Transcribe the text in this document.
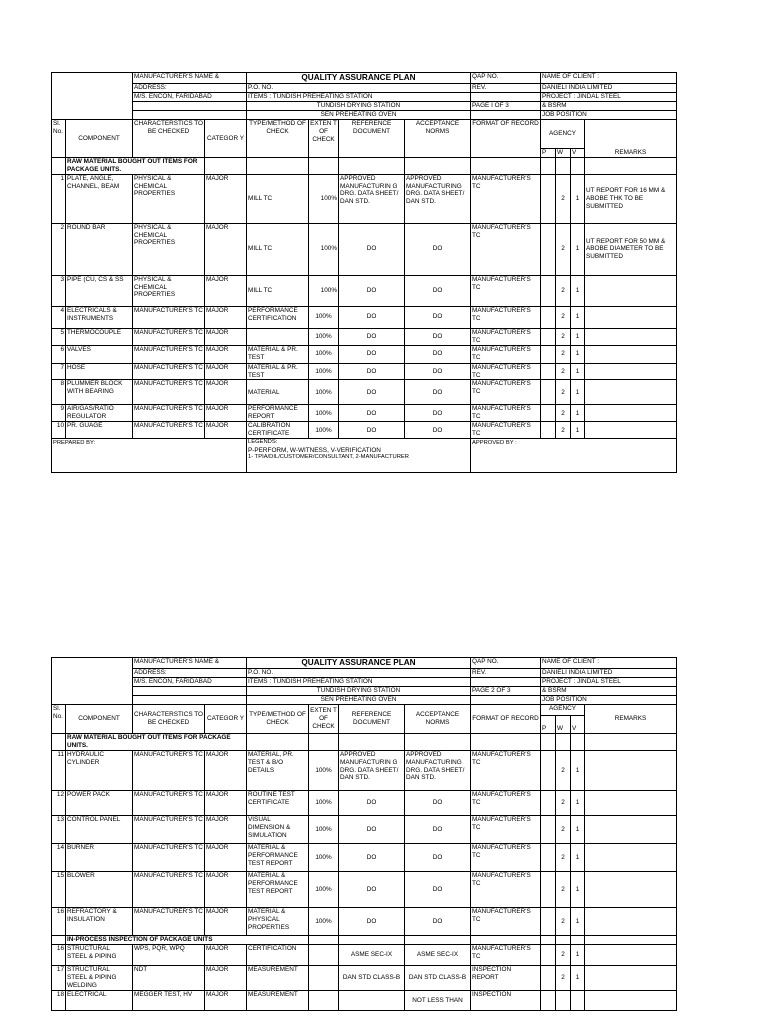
		MANUFACTURER'S NAME &		QUALITY ASSURANCE PLAN				QAP NO.	NAME OF CLIENT :			
		ADDRESS:		P.O. NO.				REV.	DANIELI INDIA LIMITED			
		M/S. ENCON, FARIDABAD		ITEMS : TUNDISH PREHEATING STATION					PROJECT : JINDAL STEEL			
				TUNDISH DRYING STATION				PAGE I OF 3	& BSRM			
				SEN PREHEATING OVEN					JOB POSITION			
Sl. No.	COMPONENT	CHARACTERSTICS TO BE CHECKED	CATEGOR Y	TYPE/METHOD OF CHECK	EXTEN T OF CHECK	REFERENCE DOCUMENT	ACCEPTANCE NORMS	FORMAT OF RECORD	AGENCY			REMARKS
									P	W	V	
	RAW MATERIAL BOUGHT OUT ITEMS FOR PACKAGE UNITS.											
1	PLATE, ANGLE, CHANNEL, BEAM	PHYSICAL & CHEMICAL PROPERTIES	MAJOR	MILL TC	100%	APPROVED MANUFACTURIN G DRG. DATA SHEET/ DAN STD.	APPROVED MANUFACTURING DRG. DATA SHEET/ DAN STD.	MANUFACTURER'S TC		2	1	UT REPORT FOR 16 MM & ABOBE THK TO BE SUBMITTED
2	ROUND BAR	PHYSICAL & CHEMICAL PROPERTIES	MAJOR	MILL TC	100%	DO	DO	MANUFACTURER'S TC		2	1	UT REPORT FOR 50 MM & ABOBE DIAMETER TO BE SUBMITTED
3	PIPE (CU, CS & SS	PHYSICAL & CHEMICAL PROPERTIES	MAJOR	MILL TC	100%	DO	DO	MANUFACTURER'S TC		2	1	
4	ELECTRICALS & INSTRUMENTS	MANUFACTURER'S TC	MAJOR	PERFORMANCE CERTIFICATION	100%	DO	DO	MANUFACTURER'S TC		2	1	
5	THERMOCOUPLE	MANUFACTURER'S TC	MAJOR		100%	DO	DO	MANUFACTURER'S TC		2	1	
6	VALVES	MANUFACTURER'S TC	MAJOR	MATERIAL & PR. TEST	100%	DO	DO	MANUFACTURER'S TC		2	1	
7	HOSE	MANUFACTURER'S TC	MAJOR	MATERIAL & PR. TEST	100%	DO	DO	MANUFACTURER'S TC		2	1	
8	PLUMMER BLOCK WITH BEARING	MANUFACTURER'S TC	MAJOR	MATERIAL	100%	DO	DO	MANUFACTURER'S TC		2	1	
9	AIR/GAS/RATIO REGULATOR	MANUFACTURER'S TC	MAJOR	PERFORMANCE REPORT	100%	DO	DO	MANUFACTURER'S TC		2	1	
10	PR. GUAGE	MANUFACTURER'S TC	MAJOR	CALIBRATION CERTIFICATE	100%	DO	DO	MANUFACTURER'S TC		2	1	
PREPARED BY:				LEGENDS:
P-PERFORM, W-WITNESS, V-VERIFICATION
1- TPIA/DIL/CUSTOMER/CONSULTANT, 2-MANUFACTURER				APPROVED BY :				
		MANUFACTURER'S NAME &		QUALITY ASSURANCE PLAN				QAP NO.	NAME OF CLIENT :			
		ADDRESS:		P.O. NO.				REV.	DANIELI INDIA LIMITED			
		M/S. ENCON, FARIDABAD		ITEMS : TUNDISH PREHEATING STATION					PROJECT : JINDAL STEEL			
				TUNDISH DRYING STATION				PAGE 2 OF 3	& BSRM			
				SEN PREHEATING OVEN					JOB POSITION			
Sl. No.	COMPONENT	CHARACTERSTICS TO BE CHECKED	CATEGOR Y	TYPE/METHOD OF CHECK	EXTEN T OF CHECK	REFERENCE DOCUMENT	ACCEPTANCE NORMS	FORMAT OF RECORD	AGENCY			REMARKS
									P	W	V	

	RAW MATERIAL BOUGHT OUT ITEMS FOR PACKAGE UNITS.											
11	HYDRAULIC CYLINDER	MANUFACTURER'S TC	MAJOR	MATERIAL, PR. TEST & B/O DETAILS	100%	APPROVED MANUFACTURIN G DRG. DATA SHEET/ DAN STD.	APPROVED MANUFACTURING DRG. DATA SHEET/ DAN STD.	MANUFACTURER'S TC		2	1	
12	POWER PACK	MANUFACTURER'S TC	MAJOR	ROUTINE TEST CERTIFICATE	100%	DO	DO	MANUFACTURER'S TC		2	1	
13	CONTROL PANEL	MANUFACTURER'S TC	MAJOR	VISUAL DIMENSION & SIMULATION	100%	DO	DO	MANUFACTURER'S TC		2	1	
14	BURNER	MANUFACTURER'S TC	MAJOR	MATERIAL & PERFORMANCE TEST REPORT	100%	DO	DO	MANUFACTURER'S TC		2	1	
15	BLOWER	MANUFACTURER'S TC	MAJOR	MATERIAL & PERFORMANCE TEST REPORT	100%	DO	DO	MANUFACTURER'S TC		2	1	
16	REFRACTORY & INSULATION	MANUFACTURER'S TC	MAJOR	MATERIAL & PHYSICAL PROPERTIES	100%	DO	DO	MANUFACTURER'S TC		2	1	
	IN-PROCESS INSPECTION OF PACKAGE UNITS											
16	STRUCTURAL STEEL & PIPING	WPS, PQR, WPQ	MAJOR	CERTIFICATION		ASME SEC-IX	ASME SEC-IX	MANUFACTURER'S TC		2	1	
17	STRUCTURAL STEEL & PIPING WELDING	NDT	MAJOR	MEASUREMENT		DAN STD CLASS-B	DAN STD CLASS-B	INSPECTION REPORT		2	1	
18	ELECTRICAL	MEGGER TEST, HV	MAJOR	MEASUREMENT			NOT LESS THAN	INSPECTION				
